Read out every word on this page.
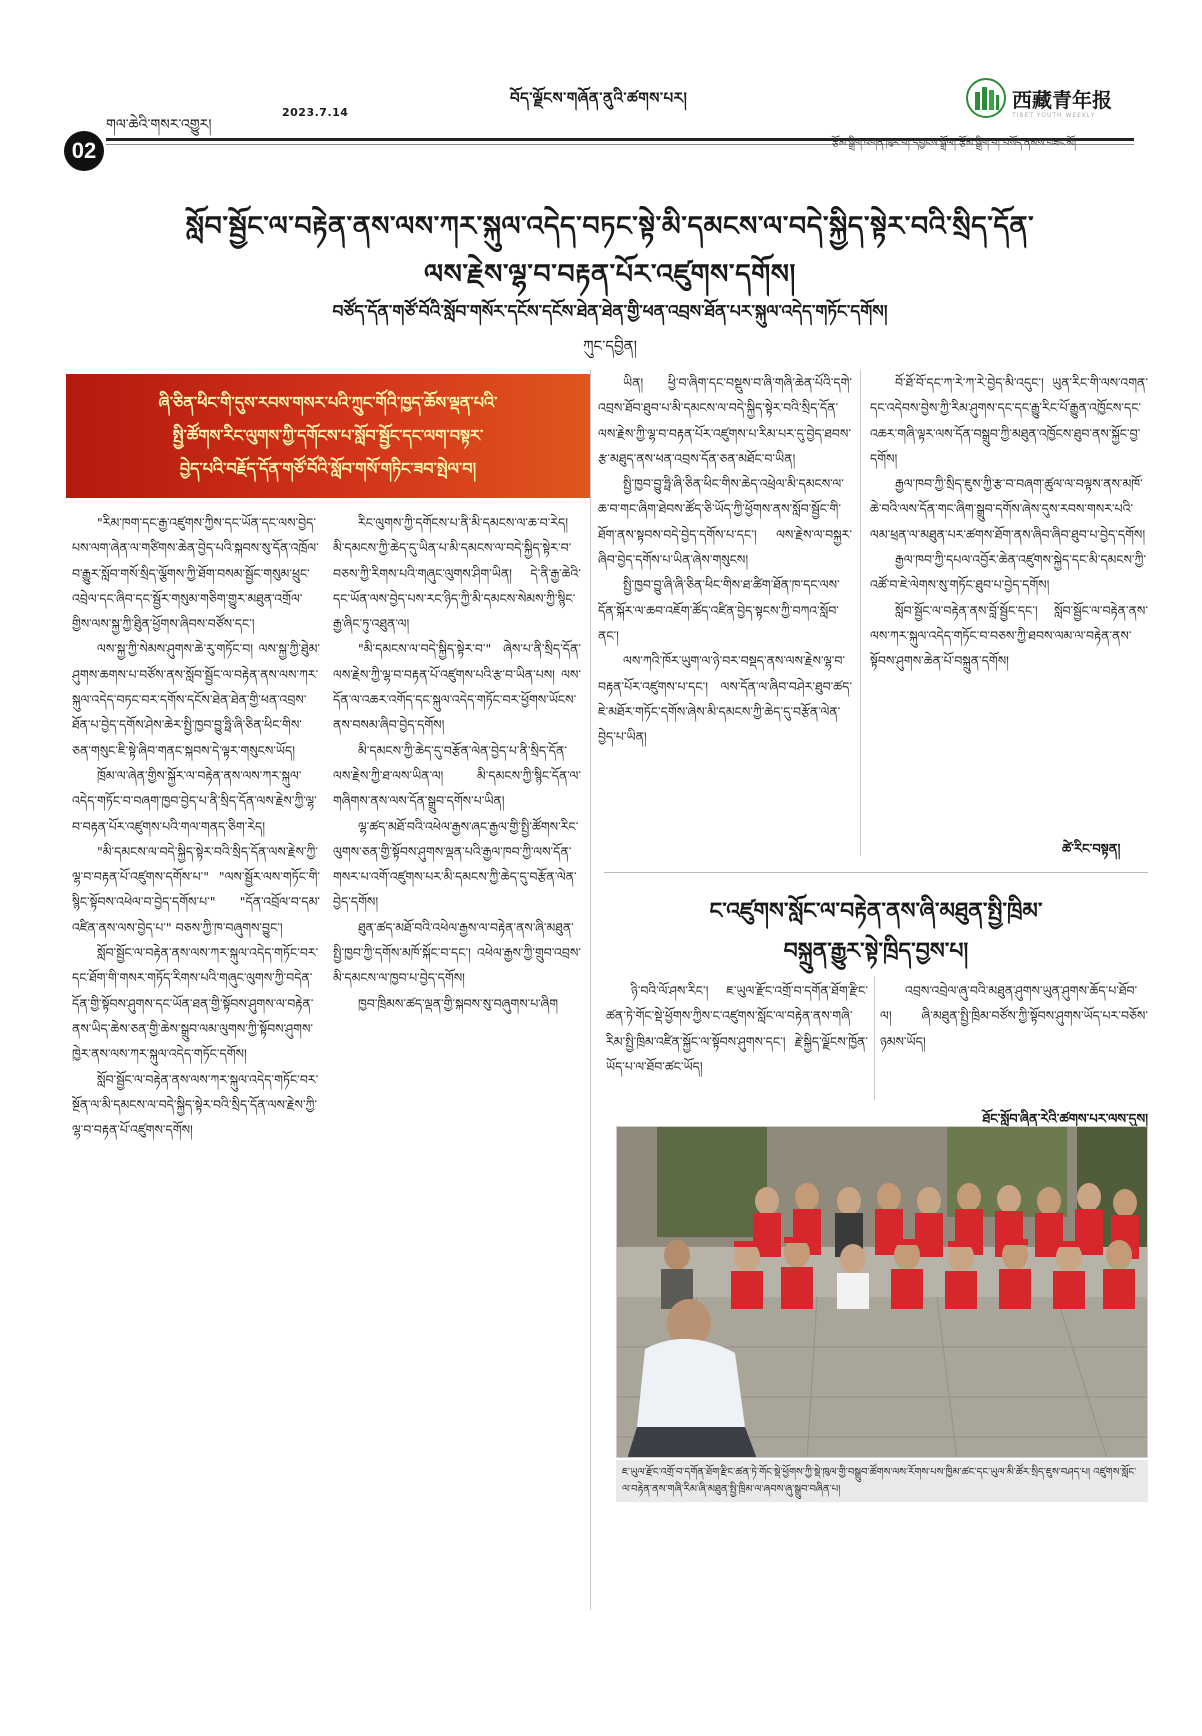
གལ་ཆེའི་གསར་འགྱུར།
2023.7.14
བོད་ལྗོངས་གཞོན་ནུའི་ཚགས་པར།
02
西藏青年报
TIBET YOUTH WEEKLY
རྩོམ་སྒྲིག་འགན་ཁུར་པ། དབྱངས་སྒྲོལ། རྩོམ་སྒྲིག་པ། བསོད་ནམས་བཟང་མོ།
སློབ་སྦྱོང་ལ་བརྟེན་ནས་ལས་ཀར་སྐུལ་འདེད་བཏང་སྟེ་མི་དམངས་ལ་བདེ་སྐྱིད་སྟེར་བའི་སྲིད་དོན་
ལས་རྗེས་ལྷ་བ་བརྟན་པོར་འཛུགས་དགོས།
བཙོད་དོན་གཙོ་བོའི་སློབ་གསོར་དངོས་དངོས་ཐེན་ཐེན་གྱི་ཕན་འབྲས་ཐོན་པར་སྐུལ་འདེད་གཏོང་དགོས།
ཀུང་དབྱིན།
ཞི་ཅིན་ཕིང་གི་དུས་རབས་གསར་པའི་ཀྲུང་གོའི་ཁྱད་ཆོས་ལྡན་པའི་
སྤྱི་ཚོགས་རིང་ལུགས་ཀྱི་དགོངས་པ་སློབ་སྦྱོང་དང་ལག་བསྟར་
བྱེད་པའི་བརྗོད་དོན་གཙོ་བོའི་སློབ་གསོ་གཏིང་ཟབ་སྤེལ་བ།

"རིམ་ཁག་དང་རྒྱ་འཛུགས་ཀྱིས་དང་ཡོན་དང་ལས་བྱེད་པས་ལག་ཞེན་ལ་གཙིགས་ཆེན་བྱེད་པའི་སྐབས་སུ་དོན་འཁྲོལ་བ་རྒྱུར་སློབ་གསོ་སྲིད་ལྕོགས་ཀྱི་ཐོག་བསམ་སྦྱོང་གསུམ་ཕྲུང་འབྲེལ་དང་ཞིབ་དང་སྦྱོར་གསུམ་གཅིག་གྱུར་མཐུན་འགྲོལ་གྱིས་ལས་སྐྱ་ཀྱི་ཐིུན་ཕྱོགས་ཞིབས་བཙོས་དང་།

ལས་སྐྱ་ཀྱི་སེམས་ཤུགས་ཆེ་རུ་གཏོང་བ། ལས་སྐྱ་ཀྱི་ཐེུམ་ཤུགས་ཆགས་པ་བཙོས་ནས་སློབ་སྦྱོང་ལ་བརྟེན་ནས་ལས་ཀར་སྐུལ་འདེད་བཏང་བར་དགོས་དངོས་ཐེན་ཐེན་གྱི་ཕན་འབྲས་ཐོན་པ་བྱེད་དགོས་ཤེས་ཆེར་སྤྱི་ཁྱབ་བྱུ་ཧྥི་ཞི་ཅིན་ཕིང་གིས་ཅན་གསུང་ཇི་སྟེ་ཞིབ་གནང་སྐབས་དེ་ལྟར་གསུངས་ཡོད།

ཁྲོམ་ལ་ཞེན་གྱིས་སྐྱོར་ལ་བརྟེན་ནས་ལས་ཀར་སྐུལ་འདེད་གཏོང་བ་བཞག་ཁྱབ་བྱེད་པ་ནི་སྲིད་དོན་ལས་རྗེས་ཀྱི་ལྷ་བ་བརྟན་པོར་འཛུགས་པའི་གལ་གནད་ཅིག་རེད།

"མི་དམངས་ལ་བདེ་སྐྱིད་སྟེར་བའི་སྲིད་དོན་ལས་རྗེས་ཀྱི་ལྷ་བ་བརྟན་པོ་འཛུགས་དགོས་པ་" "ལས་སྦྱོར་ལས་གཏོང་གི་སྙིང་སྟོབས་འཕེལ་བ་བྱེད་དགོས་པ་" "དོན་འབྲོལ་བ་དམ་འཛིན་ནས་ལས་བྱེད་པ་" བཅས་ཀྱི་ཁ་བཞུགས་བྱུང་།

སློབ་སྦྱོང་ལ་བརྟེན་ནས་ལས་ཀར་སྐུལ་འདེད་གཏོང་བར་དང་ཐོག་གི་གསར་གཏོད་རིགས་པའི་གཞུང་ལུགས་ཀྱི་བདེན་དོན་གྱི་སྟོབས་ཤུགས་དང་ཡོན་ཐན་གྱི་སྟོབས་ཤུགས་ལ་བརྟེན་ནས་ཡིད་ཆེས་ཅན་གྱི་ཆེས་སྒྲུབ་ལམ་ལུགས་ཀྱི་སྟོབས་ཤུགས་ཁྱེར་ནས་ལས་ཀར་སྐུལ་འདེད་གཏོང་དགོས།

སློབ་སྦྱོང་ལ་བརྟེན་ནས་ལས་ཀར་སྐུལ་འདེད་གཏོང་བར་སྔོན་ལ་མི་དམངས་ལ་བདེ་སྐྱིད་སྟེར་བའི་སྲིད་དོན་ལས་རྗེས་ཀྱི་ལྷ་བ་བརྟན་པོ་འཛུགས་དགོས།

རིང་ལུགས་ཀྱི་དགོངས་པ་ནི་མི་དམངས་ལ་ཆ་བ་རེད། མི་དམངས་ཀྱི་ཆེད་དུ་ཡིན་པ་མི་དམངས་ལ་བདེ་སྐྱིད་སྟེར་བ་བཅས་ཀྱི་རིགས་པའི་གཞུང་ལུགས་ཤིག་ཡིན། དེ་ནི་རྒྱ་ཆེའི་དང་ཡོན་ལས་བྱེད་པས་རང་ཉིད་ཀྱི་མི་དམངས་སེམས་ཀྱི་སྙིང་རྒྱ་ཞིང་ཏུ་འཐུན་ལ།

"མི་དམངས་ལ་བདེ་སྐྱིད་སྟེར་བ་" ཞེས་པ་ནི་སྲིད་དོན་ལས་རྗེས་ཀྱི་ལྷ་བ་བརྟན་པོ་འཛུགས་པའི་རྩ་བ་ཡིན་པས། ལས་དོན་ལ་འཆར་འགོད་དང་སྐུལ་འདེད་གཏོང་བར་ཕྱོགས་ཡོངས་ནས་བསམ་ཞིབ་བྱེད་དགོས།

མི་དམངས་ཀྱི་ཆེད་དུ་བརྩོན་ལེན་བྱེད་པ་ནི་སྲིད་དོན་ལས་རྗེས་ཀྱི་ཐ་ལས་ཡིན་ལ། མི་དམངས་ཀྱི་སྙིང་དོན་ལ་གཞིགས་ནས་ལས་དོན་སྒྲུབ་དགོས་པ་ཡིན།

ལྷ་ཚད་མཐོ་བའི་འཕེལ་རྒྱས་ཞང་རྒྱལ་གྱི་སྤྱི་ཚོགས་རིང་ལུགས་ཅན་གྱི་སྟོབས་ཤུགས་ལྡན་པའི་རྒྱལ་ཁབ་ཀྱི་ལས་དོན་གསར་པ་འགོ་འཛུགས་པར་མི་དམངས་ཀྱི་ཆེད་དུ་བརྩོན་ལེན་བྱེད་དགོས།

ཐུན་ཚད་མཐོ་བའི་འཕེལ་རྒྱས་ལ་བརྟེན་ནས་ཞི་མཐུན་སྤྱི་ཁྱབ་ཀྱི་དགོས་མཁོ་སྐོང་བ་དང་། འཕེལ་རྒྱས་ཀྱི་གྲུབ་འབྲས་མི་དམངས་ལ་ཁྱབ་པ་བྱེད་དགོས།

ཁྱབ་ཁྲིམས་ཚད་ལྡན་གྱི་སྐབས་སུ་བཞུགས་པ་ཞིག

ཡིན། ཕྱི་བ་ཞིག་དང་བསྡུས་བ་ཞི་གཞི་ཆེན་པོའི་དགེ་འབྲས་ཐོབ་ཐུབ་པ་མི་དམངས་ལ་བདེ་སྐྱིད་སྟེར་བའི་སྲིད་དོན་ལས་རྗེས་ཀྱི་ལྷ་བ་བརྟན་པོར་འཛུགས་པ་རིམ་པར་དུ་བྱེད་ཐབས་རྩ་མཐུད་ནས་ཕན་འབྲས་དོན་ཅན་མཐོང་བ་ཡིན།

སྤྱི་ཁྱབ་བྱུ་ཧྥི་ཞི་ཅིན་ཕིང་གིས་ཆེད་འཕྲེལ་མི་དམངས་ལ་ཆ་བ་གང་ཞིག་ཐེབས་ཚོད་ཅི་ཡོད་ཀྱི་ཕྱོགས་ནས་སློབ་སྦྱོང་གི་ཐོག་ནས་སྟབས་བདེ་བྱེད་དགོས་པ་དང་། ལས་རྗེས་ལ་བསྐྱར་ཞིབ་བྱེད་དགོས་པ་ཡིན་ཞེས་གསུངས།

སྤྱི་ཁྱབ་བྱུ་ཞི་ཞི་ཅིན་ཕིང་གིས་ཐ་ཚིག་ཐོན་ཁ་དང་ལས་དོན་སྐོར་ལ་ཆབ་འཇོག་ཚོད་འཛིན་བྱེད་སྟངས་ཀྱི་བཀའ་སློབ་ནང་།

ལས་ཀའི་ཁོར་ཡུག་ལ་ཉེ་བར་བསྡད་ནས་ལས་རྗེས་ལྷ་བ་བརྟན་པོར་འཛུགས་པ་དང་། ལས་དོན་ལ་ཞིབ་བཤེར་ཐུབ་ཚད་ཇེ་མཐོར་གཏོང་དགོས་ཞེས་མི་དམངས་ཀྱི་ཆེད་དུ་བརྩོན་ལེན་བྱེད་པ་ཡིན།

བོ་ཐོ་བོ་དང་ཀ་རེ་ཀ་རེ་བྱེད་མི་འདུང་། ཡུན་རིང་གི་ལས་འགན་དང་འདེབས་བྱེས་ཀྱི་རིམ་ཤུགས་དང་དང་རྒྱུ་རིང་པོ་རྒྱུན་འཁྱོངས་དང་འཆར་གཞི་ལྟར་ལས་དོན་བསྒྲུབ་ཀྱི་མཐུན་འཁྱོངས་ཐུབ་ནས་སྐྱོང་བྱ་དགོས།

རྒྱལ་ཁབ་ཀྱི་སྲིད་ཇུས་ཀྱི་རྩ་བ་བཞག་ཚུལ་ལ་བལྟས་ནས་མཁོ་ཆེ་བའི་ལས་དོན་གང་ཞིག་སྒྲུབ་དགོས་ཞེས་དུས་རབས་གསར་པའི་ལམ་ཕྲན་ལ་མཐུན་པར་ཚགས་ཐོག་ནས་ཞིབ་ཞིབ་ཐུབ་པ་བྱེད་དགོས།

རྒྱལ་ཁབ་ཀྱི་དཔལ་འབྱོར་ཆེན་འཛུགས་སྐྱེད་དང་མི་དམངས་ཀྱི་འཚོ་བ་ཇེ་ལེགས་སུ་གཏོང་ཐུབ་པ་བྱེད་དགོས།

སློབ་སྦྱོང་ལ་བརྟེན་ནས་བློ་སྦྱོང་དང་། སློབ་སྦྱོང་ལ་བརྟེན་ནས་ལས་ཀར་སྐུལ་འདེད་གཏོང་བ་བཅས་ཀྱི་ཐབས་ལམ་ལ་བརྟེན་ནས་སྟོབས་ཤུགས་ཆེན་པོ་བསྐྲུན་དགོས།

ཚེ་རིང་བསྟན།
ང་འཛུགས་སློང་ལ་བརྟེན་ནས་ཞི་མཐུན་སྤྱི་ཁྲིམ་
བསྐྲུན་རྒྱུར་སྟེ་ཁྲིད་བྱས་པ།

ཉི་བའི་ལོ་ཤས་རིང་། ཇ་ཡུལ་རྫོང་འགྲོ་བ་དགོན་ཐོག་རྫིང་ཚན་ཏེ་གོང་སྡེ་ཕྱོགས་ཀྱིས་ང་འཛུགས་སློང་ལ་བརྟེན་ནས་གཞི་རིམ་སྤྱི་ཁྲིམ་འཛིན་སྐྱོང་ལ་སྟོབས་ཤུགས་དང་། རྗེ་སྐྱིད་ལྗོངས་ཁྱོན་ཡོད་པ་ལ་ཐོབ་ཚང་ཡོད།

འབྲས་འབྲེལ་ཞུ་བའི་མཐུན་ཤུགས་ཡུན་ཤུགས་ཆོད་པ་ཐོབ་ལ། ཞི་མཐུན་སྤྱི་ཁྲིམ་བཙོས་ཀྱི་སྟོབས་ཤུགས་ཡོད་པར་བཅོས་ཉམས་ཡོད།

ཐོང་སློབ་ཞིན་རེའི་ཚགས་པར་ལས་དུས།
ཇ་ཡུལ་རྫོང་འགྲོ་བ་དགོན་ཐོག་རྫིང་ཚན་ཏེ་གོང་སྡེ་ཕྱོགས་ཀྱི་སྡེ་ཁུལ་གྱི་བསྒྲུབ་ཚོགས་ལས་རོགས་པས་ཁྱིམ་ཚང་དང་ཡུལ་མི་ཚོར་སྲིད་ཇུས་བཤད་པ། འཛུགས་སློང་ལ་བརྟེན་ནས་གཞི་རིམ་ཞི་མཐུན་སྤྱི་ཁྲིམ་ལ་ཞབས་ཞུ་སྒྲུབ་བཞིན་པ།
